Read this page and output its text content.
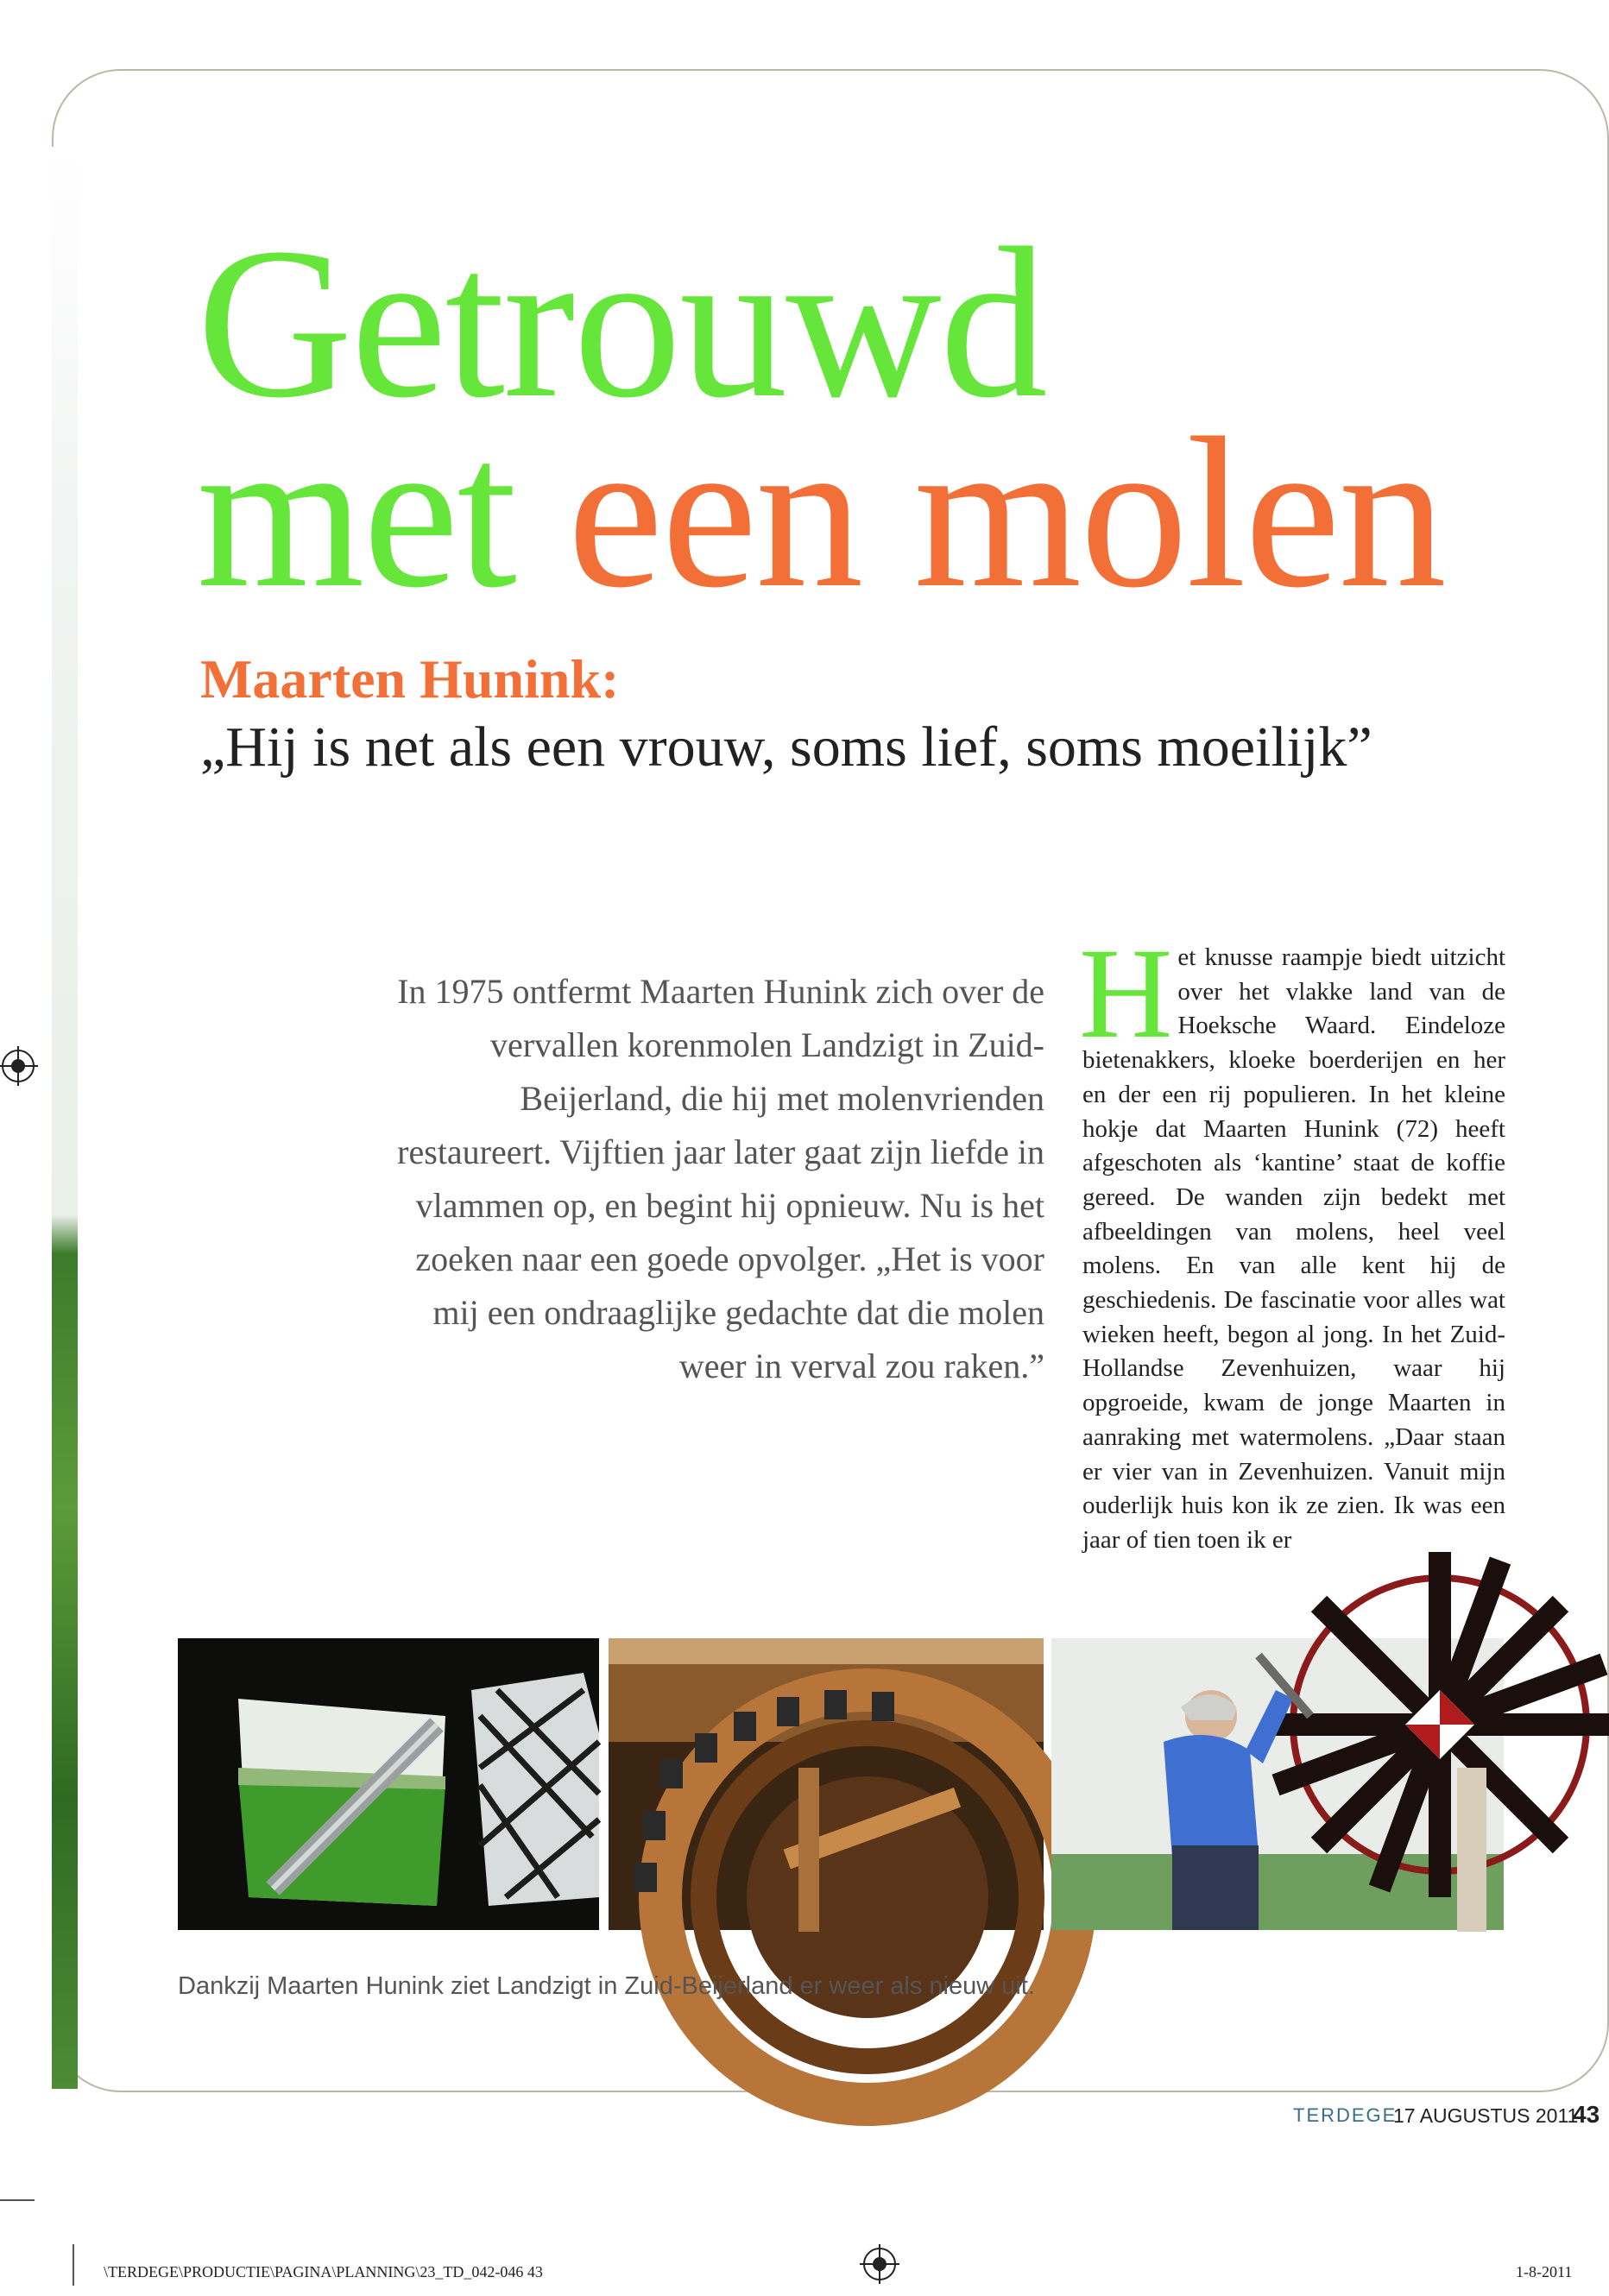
Getrouwd
met een molen
Maarten Hunink:
„Hij is net als een vrouw, soms lief, soms moeilijk”

In 1975 ontfermt Maarten Hunink zich over de vervallen korenmolen Landzigt in Zuid-Beijerland, die hij met molenvrienden restaureert. Vijftien jaar later gaat zijn liefde in vlammen op, en begint hij opnieuw. Nu is het zoeken naar een goede opvolger. „Het is voor mij een ondraaglijke gedachte dat die molen weer in verval zou raken.”

Het knusse raampje biedt uitzicht over het vlakke land van de Hoeksche Waard. Eindeloze bietenakkers, kloeke boerderijen en her en der een rij populieren. In het kleine hokje dat Maarten Hunink (72) heeft afgeschoten als ‘kantine’ staat de koffie gereed. De wanden zijn bedekt met afbeeldingen van molens, heel veel molens. En van alle kent hij de geschiedenis. De fascinatie voor alles wat wieken heeft, begon al jong. In het Zuid-Hollandse Zevenhuizen, waar hij opgroeide, kwam de jonge Maarten in aanraking met watermolens. „Daar staan er vier van in Zevenhuizen. Vanuit mijn ouderlijk huis kon ik ze zien. Ik was een jaar of tien toen ik er
Dankzij Maarten Hunink ziet Landzigt in Zuid-Beijerland er weer als nieuw uit.
TERDEGE
17 AUGUSTUS 2011
43
\TERDEGE\PRODUCTIE\PAGINA\PLANNING\23_TD_042-046 43	1-8-2011
